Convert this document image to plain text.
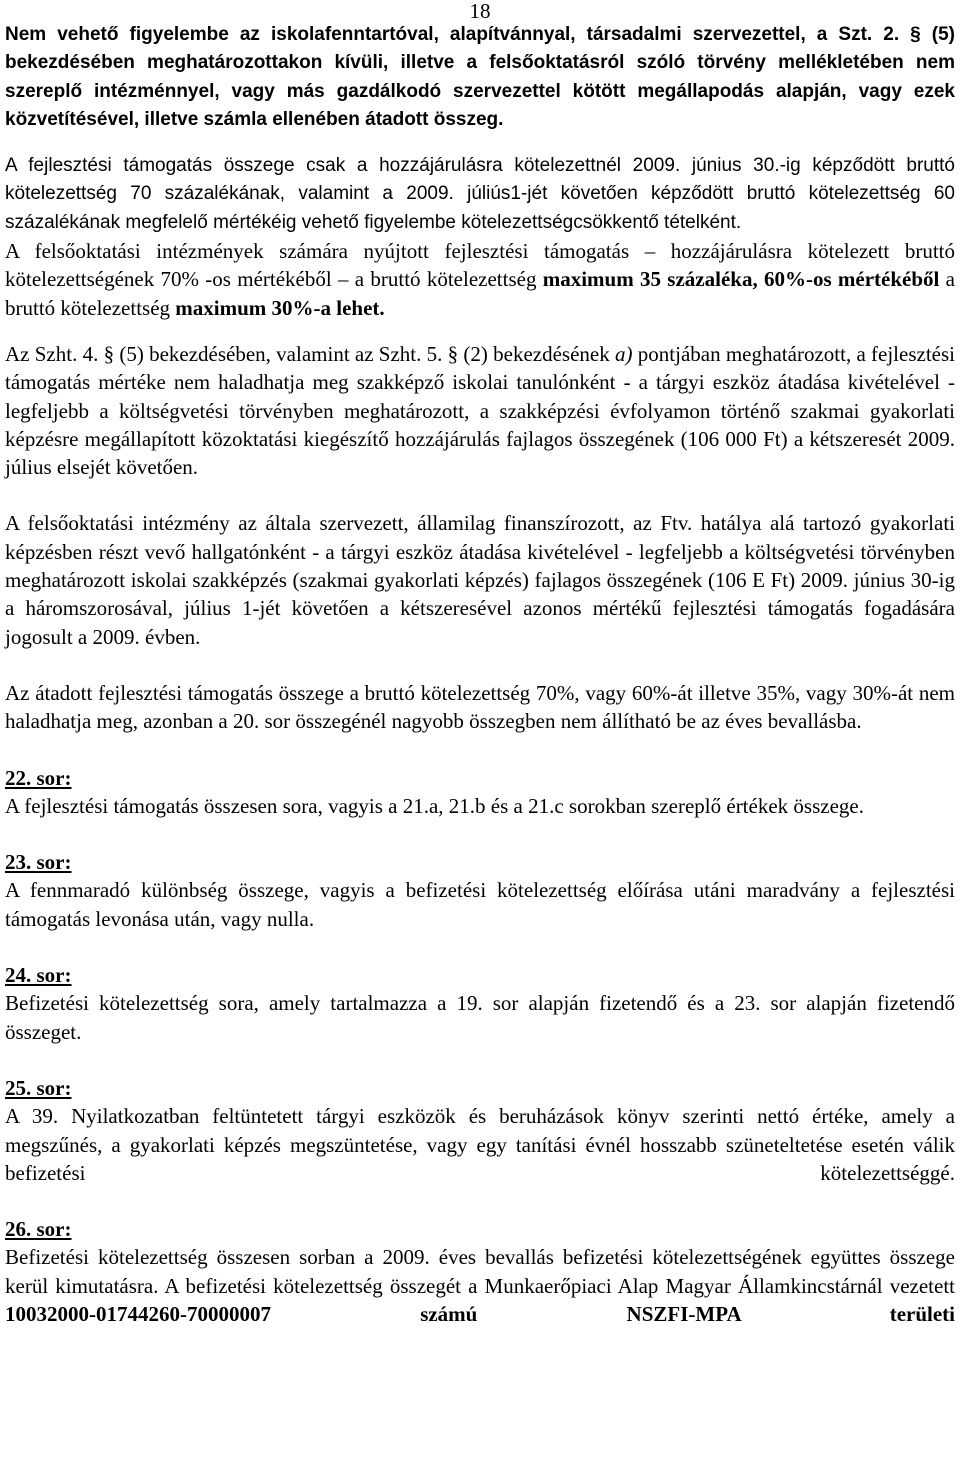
18

Nem vehető figyelembe az iskolafenntartóval, alapítvánnyal, társadalmi szervezettel, a Szt. 2. § (5) bekezdésében meghatározottakon kívüli, illetve a felsőoktatásról szóló törvény mellékletében nem szereplő intézménnyel, vagy más gazdálkodó szervezettel kötött megállapodás alapján, vagy ezek közvetítésével, illetve számla ellenében átadott összeg.

A fejlesztési támogatás összege csak a hozzájárulásra kötelezettnél 2009. június 30.-ig képződött bruttó kötelezettség 70 százalékának, valamint a 2009. júliús1-jét követően képződött bruttó kötelezettség 60 százalékának megfelelő mértékéig vehető figyelembe kötelezettségcsökkentő tételként.

A felsőoktatási intézmények számára nyújtott fejlesztési támogatás – hozzájárulásra kötelezett bruttó kötelezettségének 70% -os mértékéből – a bruttó kötelezettség maximum 35 százaléka, 60%-os mértékéből a bruttó kötelezettség maximum 30%-a lehet.

Az Szht. 4. § (5) bekezdésében, valamint az Szht. 5. § (2) bekezdésének a) pontjában meghatározott, a fejlesztési támogatás mértéke nem haladhatja meg szakképző iskolai tanulónként - a tárgyi eszköz átadása kivételével - legfeljebb a költségvetési törvényben meghatározott, a szakképzési évfolyamon történő szakmai gyakorlati képzésre megállapított közoktatási kiegészítő hozzájárulás fajlagos összegének (106 000 Ft) a kétszeresét 2009. július elsejét követően.

A felsőoktatási intézmény az általa szervezett, államilag finanszírozott, az Ftv. hatálya alá tartozó gyakorlati képzésben részt vevő hallgatónként - a tárgyi eszköz átadása kivételével - legfeljebb a költségvetési törvényben meghatározott iskolai szakképzés (szakmai gyakorlati képzés) fajlagos összegének (106 E Ft) 2009. június 30-ig a háromszorosával, július 1-jét követően a kétszeresével azonos mértékű fejlesztési támogatás fogadására jogosult a 2009. évben.

Az átadott fejlesztési támogatás összege a bruttó kötelezettség 70%, vagy 60%-át illetve 35%, vagy 30%-át nem haladhatja meg, azonban a 20. sor összegénél nagyobb összegben nem állítható be az éves bevallásba.

22. sor:

A fejlesztési támogatás összesen sora, vagyis a 21.a, 21.b és a 21.c sorokban szereplő értékek összege.

23. sor:

A fennmaradó különbség összege, vagyis a befizetési kötelezettség előírása utáni maradvány a fejlesztési támogatás levonása után, vagy nulla.

24. sor:

Befizetési kötelezettség sora, amely tartalmazza a 19. sor alapján fizetendő és a 23. sor alapján fizetendő összeget.

25. sor:

A 39. Nyilatkozatban feltüntetett tárgyi eszközök és beruházások könyv szerinti nettó értéke, amely a megszűnés, a gyakorlati képzés megszüntetése, vagy egy tanítási évnél hosszabb szüneteltetése esetén válik befizetési kötelezettséggé.

26. sor:

Befizetési kötelezettség összesen sorban a 2009. éves bevallás befizetési kötelezettségének együttes összege kerül kimutatásra. A befizetési kötelezettség összegét a Munkaerőpiaci Alap Magyar Államkincstárnál vezetett 10032000-01744260-70000007 számú NSZFI-MPA területi
